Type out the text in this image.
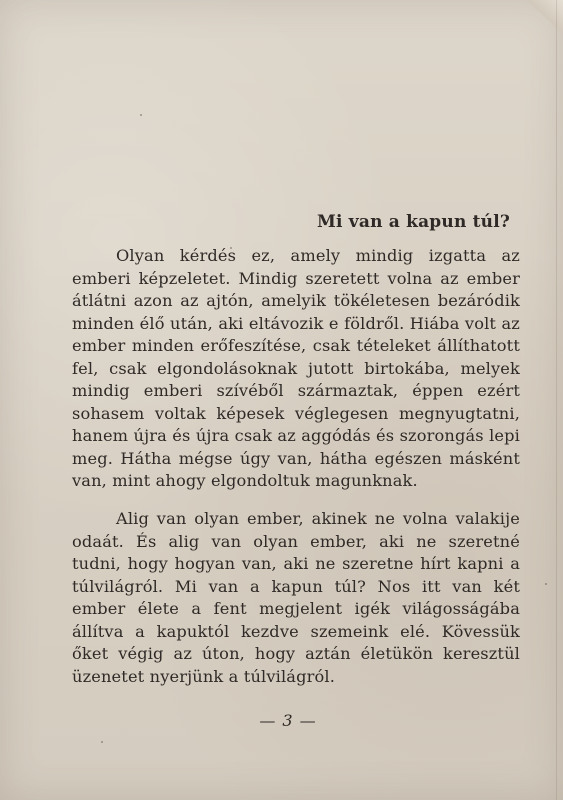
Mi van a kapun túl?

Olyan kérdés ez, amely mindig izgatta az emberi képzeletet. Mindig szeretett volna az ember átlátni azon az ajtón, amelyik tökéletesen bezáródik minden élő után, aki eltávozik e földről. Hiába volt az ember minden erőfeszítése, csak tételeket állíthatott fel, csak elgondolásoknak jutott birtokába, melyek mindig emberi szívéből származtak, éppen ezért sohasem voltak képesek véglegesen megnyugtatni, hanem újra és újra csak az aggódás és szorongás lepi meg. Hátha mégse úgy van, hátha egészen másként van, mint ahogy elgondoltuk magunknak.

Alig van olyan ember, akinek ne volna valakije odaát. És alig van olyan ember, aki ne szeretné tudni, hogy hogyan van, aki ne szeretne hírt kapni a túlvilágról. Mi van a kapun túl? Nos itt van két ember élete a fent megjelent igék világosságába állítva a kapuktól kezdve szemeink elé. Kövessük őket végig az úton, hogy aztán életükön keresztül üzenetet nyerjünk a túlvilágról.

— 3 —
